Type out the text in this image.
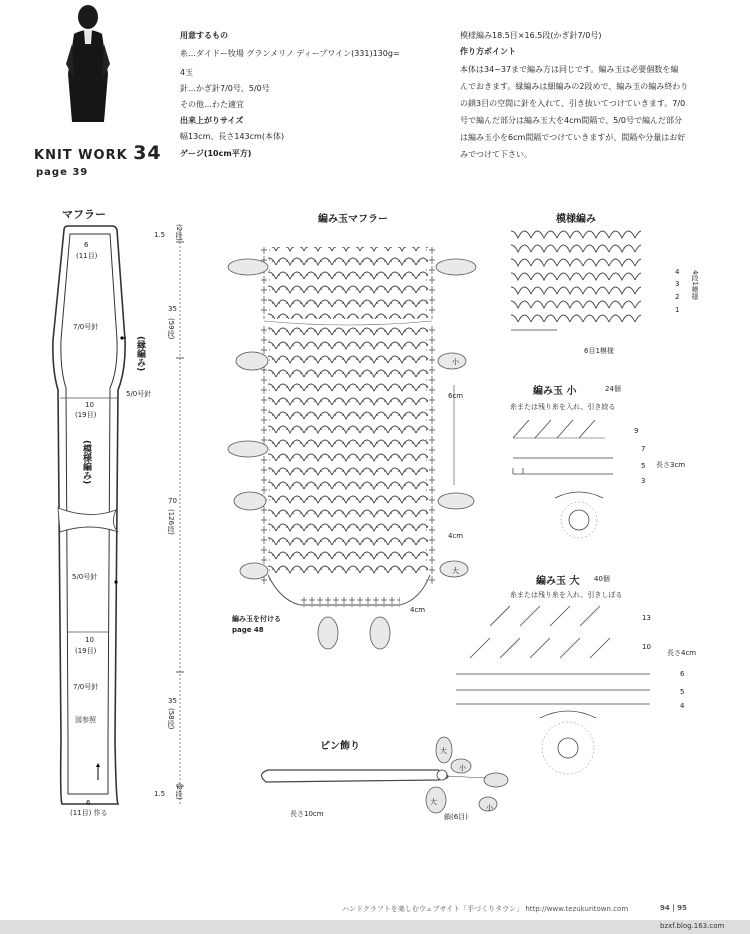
KNIT WORK 34
page 39
用意するもの
糸…ダイドー牧場 グランメリノ ディープワイン(331)130g=
4玉
針…かぎ針7/0号、5/0号
その他…わた適宜
出来上がりサイズ
幅13cm、長さ143cm(本体)
ゲージ(10cm平方)
模様編み18.5目×16.5段(かぎ針7/0号)
作り方ポイント
本体は34−37まで編み方は同じです。編み玉は必要個数を編
んでおきます。縁編みは細編みの2段めで、編み玉の編み終わり
の鎖3目の空間に針を入れて、引き抜いてつけていきます。7/0
号で編んだ部分は編み玉大を4cm間隔で、5/0号で編んだ部分
は編み玉小を6cm間隔でつけていきますが、間隔や分量はお好
みでつけて下さい。
マフラー
6
(11目)
7/0号針
(縁編み)
5/0号針
10
(19目)
(模様編み)
5/0号針
10
(19目)
7/0号針
図参照
6
(11目) 作る
1.5 (2段)
35
(59段)
70
(126段)
35
(58段)
1.5 (2段)
編み玉マフラー
小
6cm
4cm
大
4cm
編み玉を付ける
page 48
模様編み
6目1模様
4
3
2
1
4段1模様
編み玉 小	24個
糸または残り糸を入れ、引き絞る
長さ3cm
9
7
5
3
編み玉 大 40個
糸または残り糸を入れ、引きしぼる
長さ4cm
13
10
6
5
4
ピン飾り	大
小
小
大
長さ10cm	鎖(6目)
ハンドクラフトを楽しむウェブサイト「手づくりタウン」 http://www.tezukuritown.com	94 | 95
bzxf.blog.163.com
